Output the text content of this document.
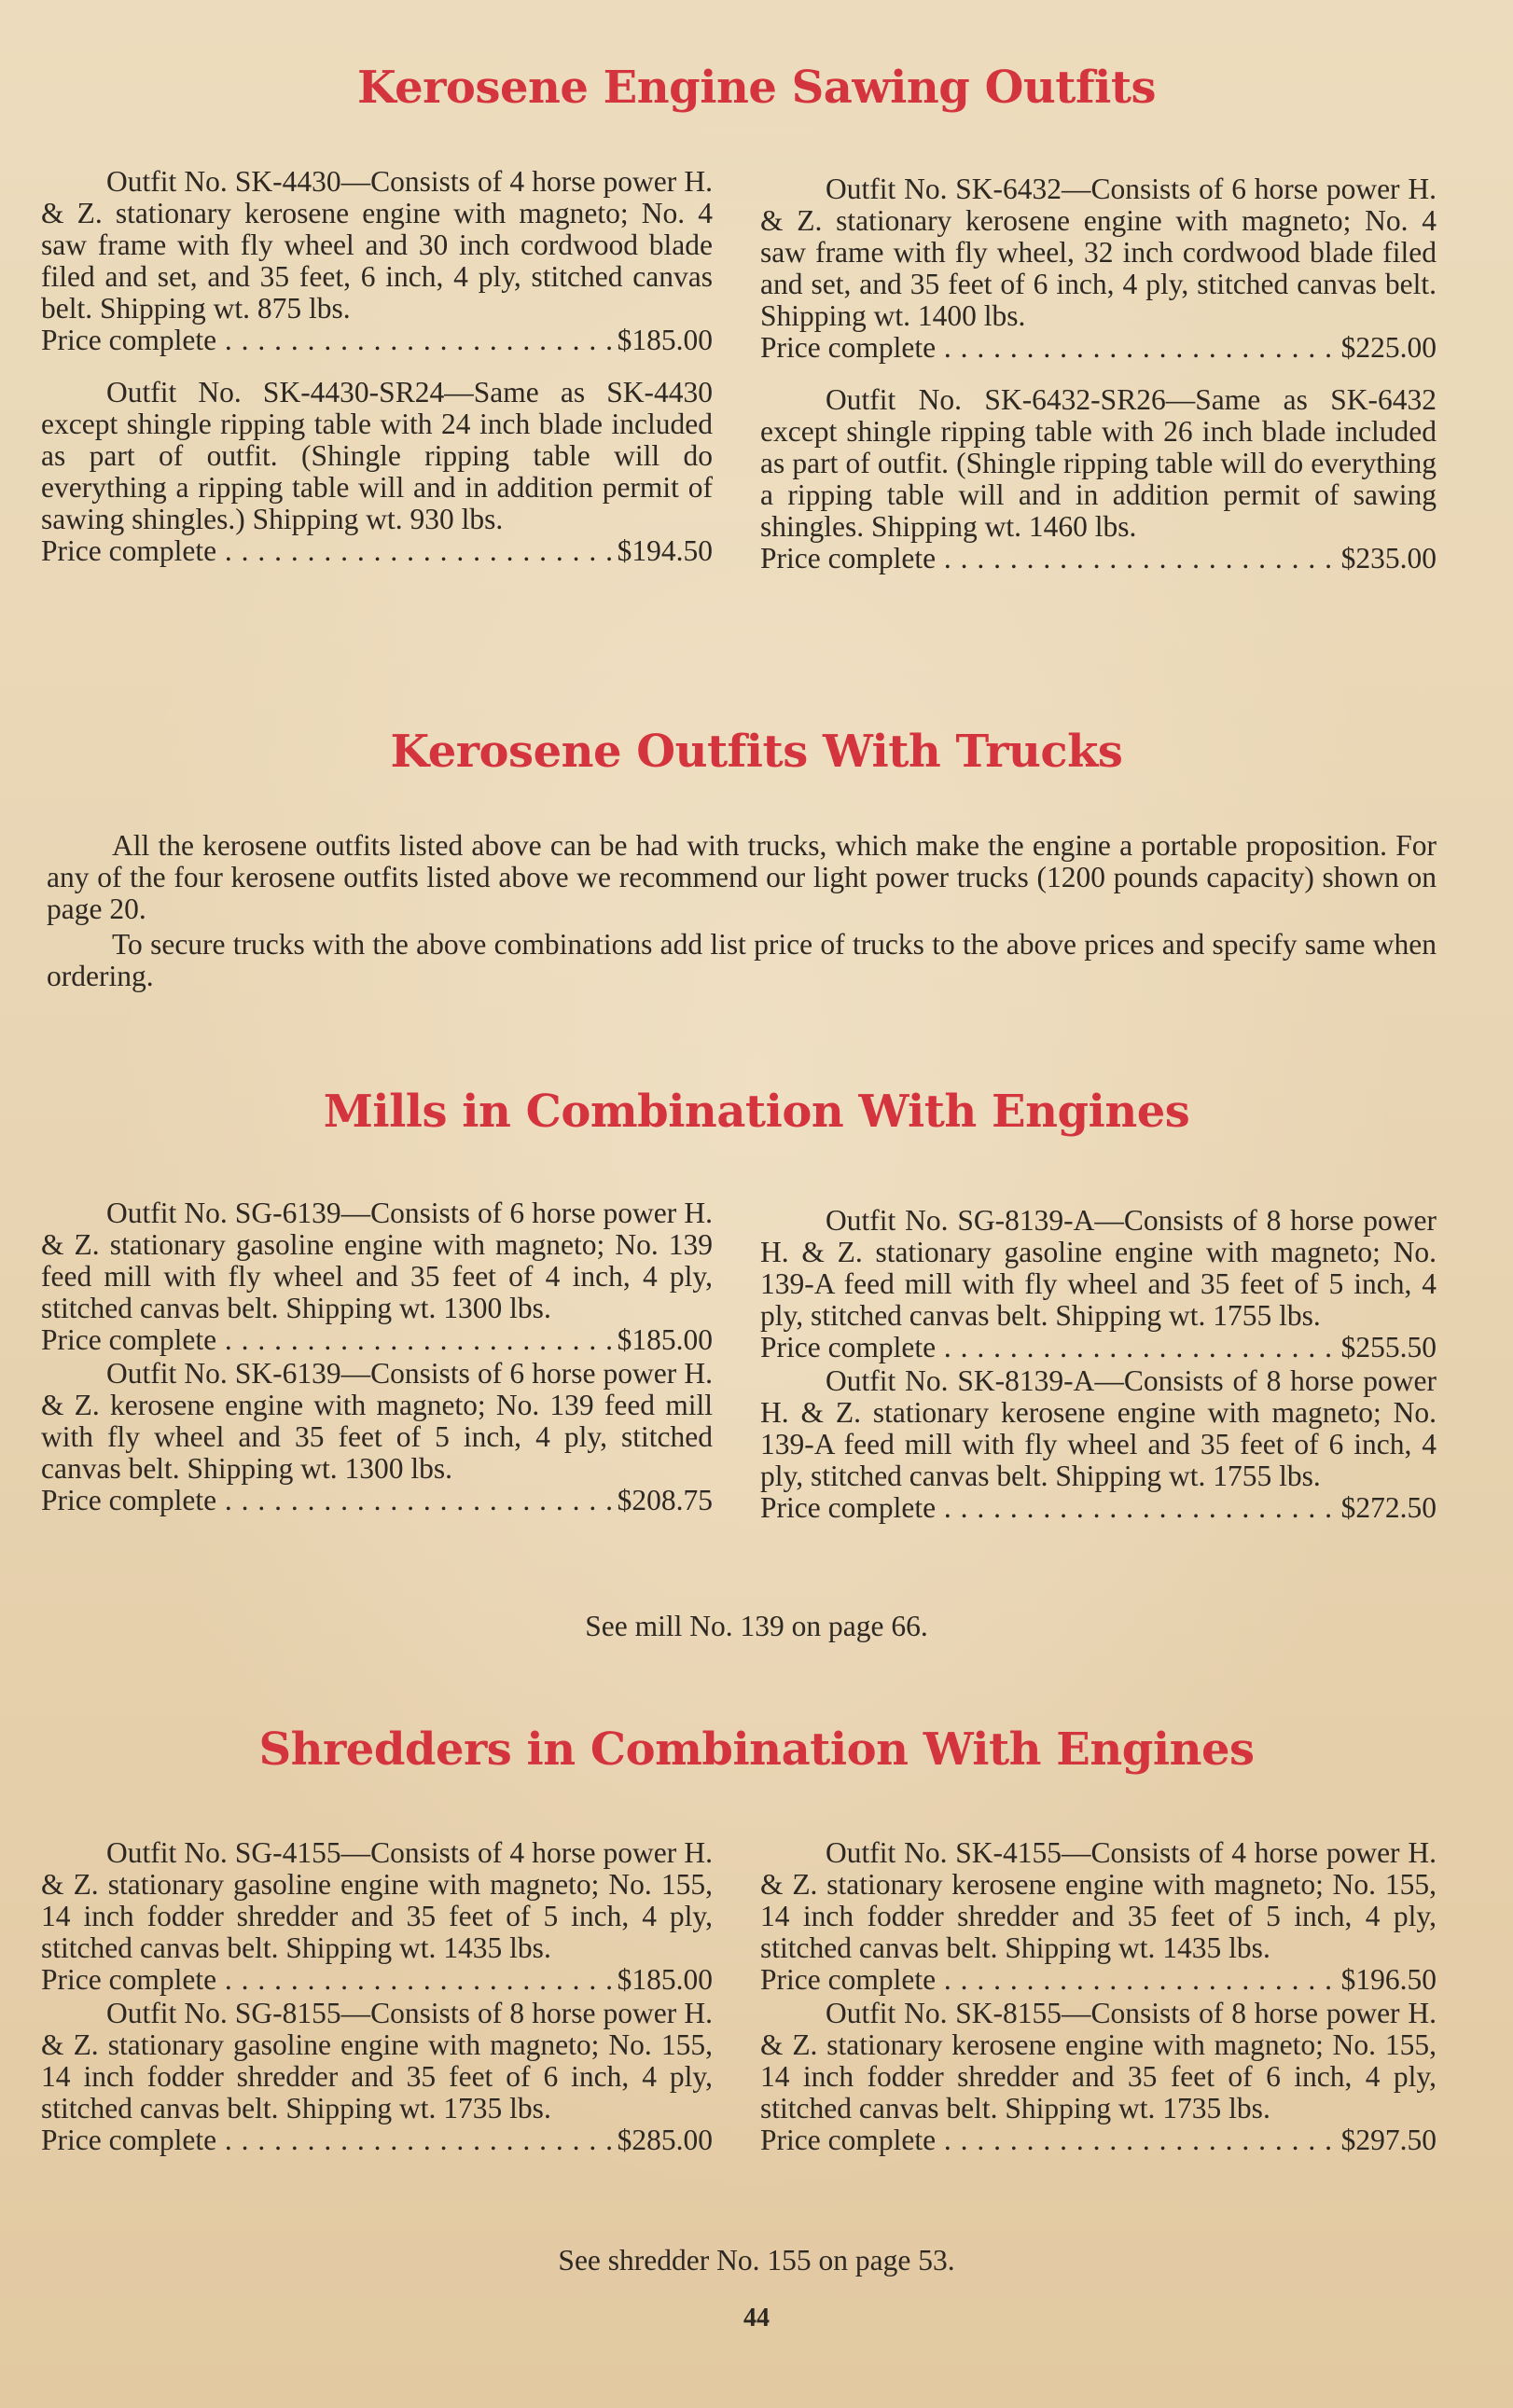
Kerosene Engine Sawing Outfits
Outfit No. SK-4430—Consists of 4 horse power H. & Z. stationary kerosene engine with magneto; No. 4 saw frame with fly wheel and 30 inch cordwood blade filed and set, and 35 feet, 6 inch, 4 ply, stitched canvas belt. Shipping wt. 875 lbs.
Price complete . . .	$185.00
Outfit No. SK-4430-SR24—Same as SK-4430 except shingle ripping table with 24 inch blade included as part of outfit. (Shingle ripping table will do everything a ripping table will and in addition permit of sawing shingles.) Shipping wt. 930 lbs.
Price complete . . .	$194.50
Outfit No. SK-6432—Consists of 6 horse power H. & Z. stationary kerosene engine with magneto; No. 4 saw frame with fly wheel, 32 inch cordwood blade filed and set, and 35 feet of 6 inch, 4 ply, stitched canvas belt. Shipping wt. 1400 lbs.
Price complete . . .	$225.00
Outfit No. SK-6432-SR26—Same as SK-6432 except shingle ripping table with 26 inch blade included as part of outfit. (Shingle ripping table will do everything a ripping table will and in addition permit of sawing shingles. Shipping wt. 1460 lbs.
Price complete . . .	$235.00
Kerosene Outfits With Trucks

All the kerosene outfits listed above can be had with trucks, which make the engine a portable proposition. For any of the four kerosene outfits listed above we recommend our light power trucks (1200 pounds capacity) shown on page 20.

To secure trucks with the above combinations add list price of trucks to the above prices and specify same when ordering.

Mills in Combination With Engines
Outfit No. SG-6139—Consists of 6 horse power H. & Z. stationary gasoline engine with magneto; No. 139 feed mill with fly wheel and 35 feet of 4 inch, 4 ply, stitched canvas belt. Shipping wt. 1300 lbs.
Price complete . . .	$185.00
Outfit No. SK-6139—Consists of 6 horse power H. & Z. kerosene engine with magneto; No. 139 feed mill with fly wheel and 35 feet of 5 inch, 4 ply, stitched canvas belt. Shipping wt. 1300 lbs.
Price complete . . .	$208.75
Outfit No. SG-8139-A—Consists of 8 horse power H. & Z. stationary gasoline engine with magneto; No. 139-A feed mill with fly wheel and 35 feet of 5 inch, 4 ply, stitched canvas belt. Shipping wt. 1755 lbs.
Price complete . . .	$255.50
Outfit No. SK-8139-A—Consists of 8 horse power H. & Z. stationary kerosene engine with magneto; No. 139-A feed mill with fly wheel and 35 feet of 6 inch, 4 ply, stitched canvas belt. Shipping wt. 1755 lbs.
Price complete . . .	$272.50
See mill No. 139 on page 66.
Shredders in Combination With Engines
Outfit No. SG-4155—Consists of 4 horse power H. & Z. stationary gasoline engine with magneto; No. 155, 14 inch fodder shredder and 35 feet of 5 inch, 4 ply, stitched canvas belt. Shipping wt. 1435 lbs.
Price complete . . .	$185.00
Outfit No. SG-8155—Consists of 8 horse power H. & Z. stationary gasoline engine with magneto; No. 155, 14 inch fodder shredder and 35 feet of 6 inch, 4 ply, stitched canvas belt. Shipping wt. 1735 lbs.
Price complete . . .	$285.00
Outfit No. SK-4155—Consists of 4 horse power H. & Z. stationary kerosene engine with magneto; No. 155, 14 inch fodder shredder and 35 feet of 5 inch, 4 ply, stitched canvas belt. Shipping wt. 1435 lbs.
Price complete . . .	$196.50
Outfit No. SK-8155—Consists of 8 horse power H. & Z. stationary kerosene engine with magneto; No. 155, 14 inch fodder shredder and 35 feet of 6 inch, 4 ply, stitched canvas belt. Shipping wt. 1735 lbs.
Price complete . . .	$297.50
See shredder No. 155 on page 53.
44
